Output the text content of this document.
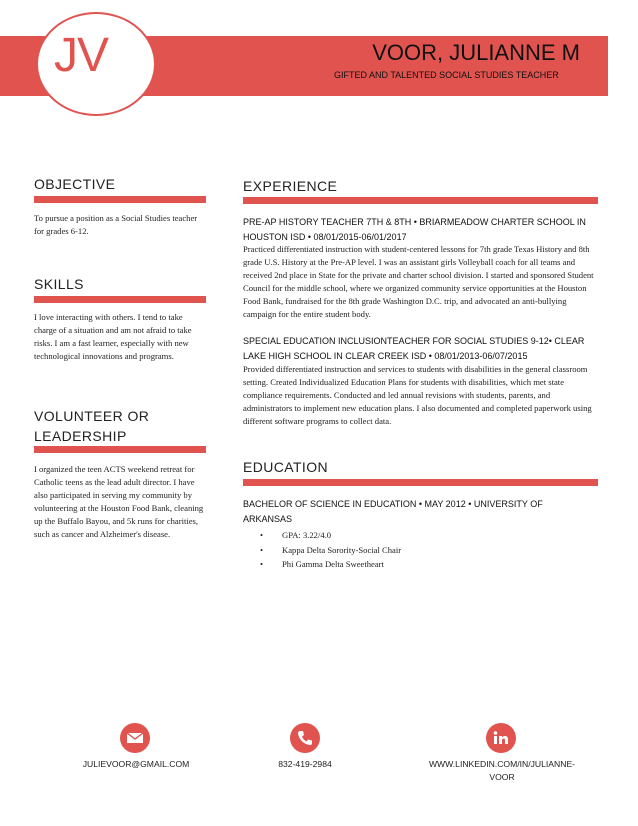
JV	VOOR, JULIANNE M
GIFTED AND TALENTED SOCIAL STUDIES TEACHER
OBJECTIVE
To pursue a position as a Social Studies teacher for grades 6-12.
SKILLS
I love interacting with others. I tend to take charge of a situation and am not afraid to take risks. I am a fast learner, especially with new technological innovations and programs.
VOLUNTEER OR
LEADERSHIP
I organized the teen ACTS weekend retreat for Catholic teens as the lead adult director. I have also participated in serving my community by volunteering at the Houston Food Bank, cleaning up the Buffalo Bayou, and 5k runs for charities, such as cancer and Alzheimer's disease.
EXPERIENCE
PRE-AP HISTORY TEACHER 7TH & 8TH • BRIARMEADOW CHARTER SCHOOL IN
HOUSTON ISD • 08/01/2015-06/01/2017
Practiced differentiated instruction with student-centered lessons for 7th grade Texas History and 8th grade U.S. History at the Pre-AP level. I was an assistant girls Volleyball coach for all teams and received 2nd place in State for the private and charter school division. I started and sponsored Student Council for the middle school, where we organized community service opportunities at the Houston Food Bank, fundraised for the 8th grade Washington D.C. trip, and advocated an anti-bullying campaign for the entire student body.
SPECIAL EDUCATION INCLUSIONTEACHER FOR SOCIAL STUDIES 9-12• CLEAR
LAKE HIGH SCHOOL IN CLEAR CREEK ISD • 08/01/2013-06/07/2015
Provided differentiated instruction and services to students with disabilities in the general classroom setting. Created Individualized Education Plans for students with disabilities, which met state compliance requirements. Conducted and led annual revisions with students, parents, and administrators to implement new education plans. I also documented and completed paperwork using different software programs to collect data.
EDUCATION
BACHELOR OF SCIENCE IN EDUCATION • MAY 2012 • UNIVERSITY OF
ARKANSAS
• GPA: 3.22/4.0
• Kappa Delta Sorority-Social Chair
• Phi Gamma Delta Sweetheart
JULIEVOOR@GMAIL.COM	832-419-2984	WWW.LINKEDIN.COM/IN/JULIANNE-
VOOR
